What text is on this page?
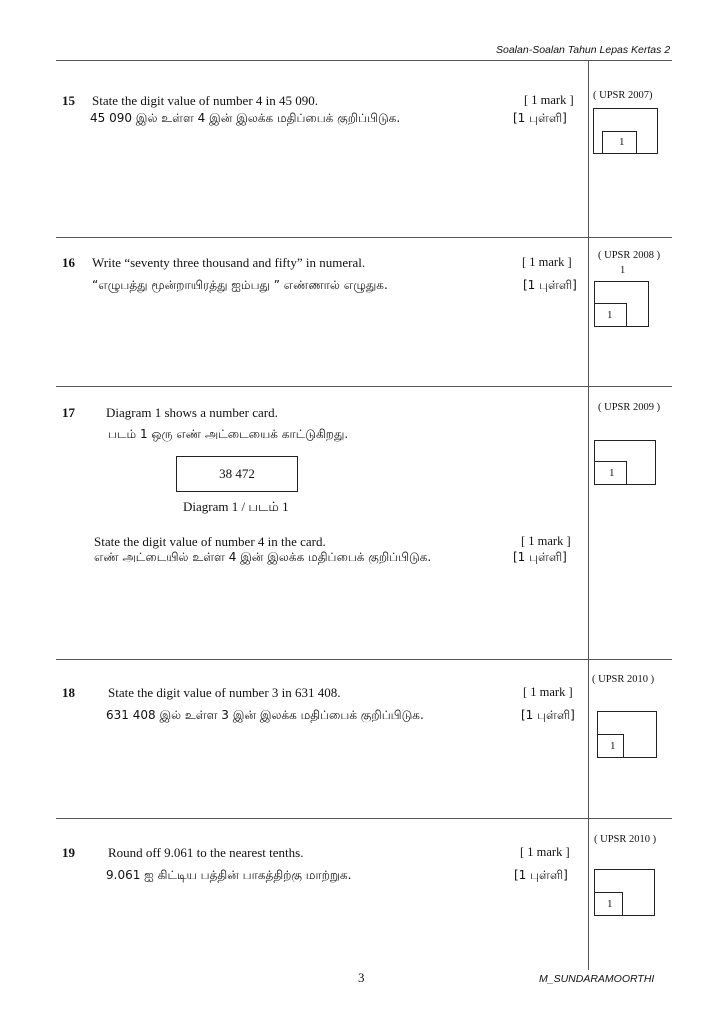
Soalan-Soalan Tahun Lepas Kertas 2
15 State the digit value of number 4 in 45 090.
45 090 இல் உள்ள 4 இன் இலக்க மதிப்பைக் குறிப்பிடுக.
[ 1 mark ]
[1 புள்ளி]
( UPSR 2007)
1
16 Write “seventy three thousand and fifty” in numeral.
“எழுபத்து மூன்றாயிரத்து ஐம்பது ” எண்ணால் எழுதுக.
[ 1 mark ]
[1 புள்ளி]
( UPSR 2008 )
1
1
17 Diagram 1 shows a number card.
படம் 1 ஒரு எண் அட்டையைக் காட்டுகிறது.
38 472
Diagram 1 / படம் 1
State the digit value of number 4 in the card.
எண் அட்டையில் உள்ள 4 இன் இலக்க மதிப்பைக் குறிப்பிடுக.
[ 1 mark ]
[1 புள்ளி]
( UPSR 2009 )
1
18	State the digit value of number 3 in 631 408.
631 408 இல் உள்ள 3 இன் இலக்க மதிப்பைக் குறிப்பிடுக.
[ 1 mark ]
[1 புள்ளி]
( UPSR 2010 )
1
19	Round off 9.061 to the nearest tenths.
9.061 ஐ கிட்டிய பத்தின் பாகத்திற்கு மாற்றுக.
[ 1 mark ]
[1 புள்ளி]
( UPSR 2010 )
1
3	M_SUNDARAMOORTHI
